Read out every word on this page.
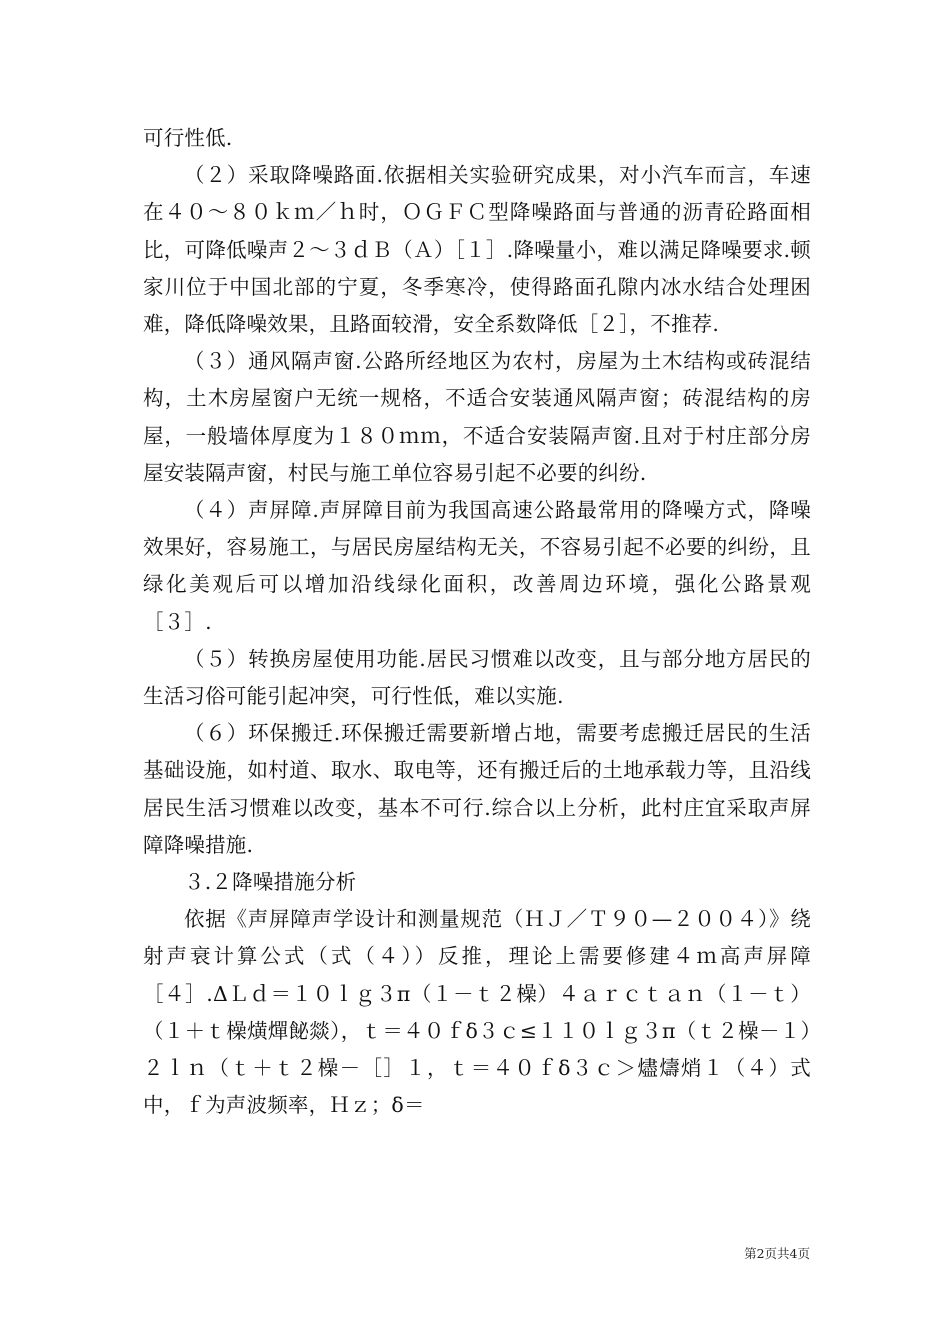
可行性低.

（２）采取降噪路面.依据相关实验研究成果，对小汽车而言，车速在４０～８０ｋｍ／ｈ时，ＯＧＦＣ型降噪路面与普通的沥青砼路面相比，可降低噪声２～３ｄＢ（Ａ）［１］.降噪量小，难以满足降噪要求.顿家川位于中国北部的宁夏，冬季寒冷，使得路面孔隙内冰水结合处理困难，降低降噪效果，且路面较滑，安全系数降低［２］，不推荐.

（３）通风隔声窗.公路所经地区为农村，房屋为土木结构或砖混结构，土木房屋窗户无统一规格，不适合安装通风隔声窗；砖混结构的房屋，一般墙体厚度为１８０ｍｍ，不适合安装隔声窗.且对于村庄部分房屋安装隔声窗，村民与施工单位容易引起不必要的纠纷.

（４）声屏障.声屏障目前为我国高速公路最常用的降噪方式，降噪效果好，容易施工，与居民房屋结构无关，不容易引起不必要的纠纷，且绿化美观后可以增加沿线绿化面积，改善周边环境，强化公路景观［３］.

（５）转换房屋使用功能.居民习惯难以改变，且与部分地方居民的生活习俗可能引起冲突，可行性低，难以实施.

（６）环保搬迁.环保搬迁需要新增占地，需要考虑搬迁居民的生活基础设施，如村道、取水、取电等，还有搬迁后的土地承载力等，且沿线居民生活习惯难以改变，基本不可行.综合以上分析，此村庄宜采取声屏障降噪措施.

３.２降噪措施分析

依据《声屏障声学设计和测量规范（ＨＪ／Ｔ９０—２００４）》绕射声衰计算公式（式（４））反推，理论上需要修建４ｍ高声屏障［４］.ΔＬｄ＝１０ｌｇ３π（１－ｔ２橾）４ａｒｃｔａｎ（１－ｔ）（１＋ｔ橾熿燀飶燚），ｔ＝４０ｆδ３ｃ≤１１０ｌｇ３π（ｔ２橾－１）２ｌｎ（ｔ＋ｔ２橾－［］１，ｔ＝４０ｆδ３ｃ＞燼燽焇１（４）式中，ｆ为声波频率，Ｈｚ；δ＝

第2页共4页
